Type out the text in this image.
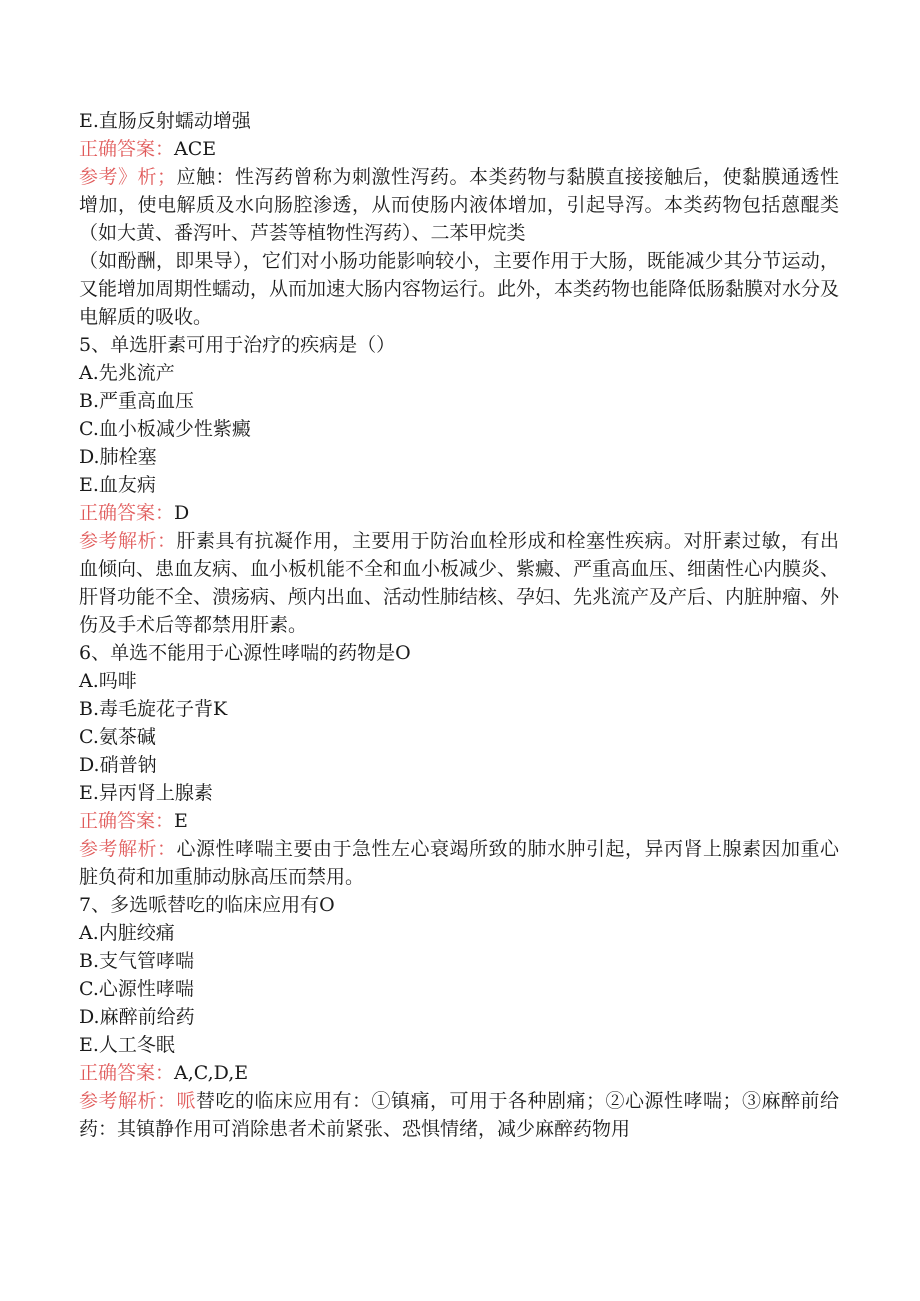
E.直肠反射蠕动增强
正确答案：ACE

参考》析；应触：性泻药曾称为刺激性泻药。本类药物与黏膜直接接触后，使黏膜通透性增加，使电解质及水向肠腔渗透，从而使肠内液体增加，引起导泻。本类药物包括蒽醌类（如大黄、番泻叶、芦荟等植物性泻药）、二苯甲烷类

（如酚酬，即果导），它们对小肠功能影响较小，主要作用于大肠，既能减少其分节运动，又能增加周期性蠕动，从而加速大肠内容物运行。此外，本类药物也能降低肠黏膜对水分及电解质的吸收。

5、单选肝素可用于治疗的疾病是（）
A.先兆流产
B.严重高血压
C.血小板减少性紫癜
D.肺栓塞
E.血友病
正确答案：D

参考解析：肝素具有抗凝作用，主要用于防治血栓形成和栓塞性疾病。对肝素过敏，有出血倾向、患血友病、血小板机能不全和血小板减少、紫癜、严重高血压、细菌性心内膜炎、肝肾功能不全、溃疡病、颅内出血、活动性肺结核、孕妇、先兆流产及产后、内脏肿瘤、外伤及手术后等都禁用肝素。

6、单选不能用于心源性哮喘的药物是O
A.吗啡
B.毒毛旋花子背K
C.氨茶碱
D.硝普钠
E.异丙肾上腺素
正确答案：E

参考解析：心源性哮喘主要由于急性左心衰竭所致的肺水肿引起，异丙肾上腺素因加重心脏负荷和加重肺动脉高压而禁用。

7、多选哌替吃的临床应用有O
A.内脏绞痛
B.支气管哮喘
C.心源性哮喘
D.麻醉前给药
E.人工冬眠
正确答案：A,C,D,E

参考解析：哌替吃的临床应用有：①镇痛，可用于各种剧痛；②心源性哮喘；③麻醉前给药：其镇静作用可消除患者术前紧张、恐惧情绪，减少麻醉药物用
